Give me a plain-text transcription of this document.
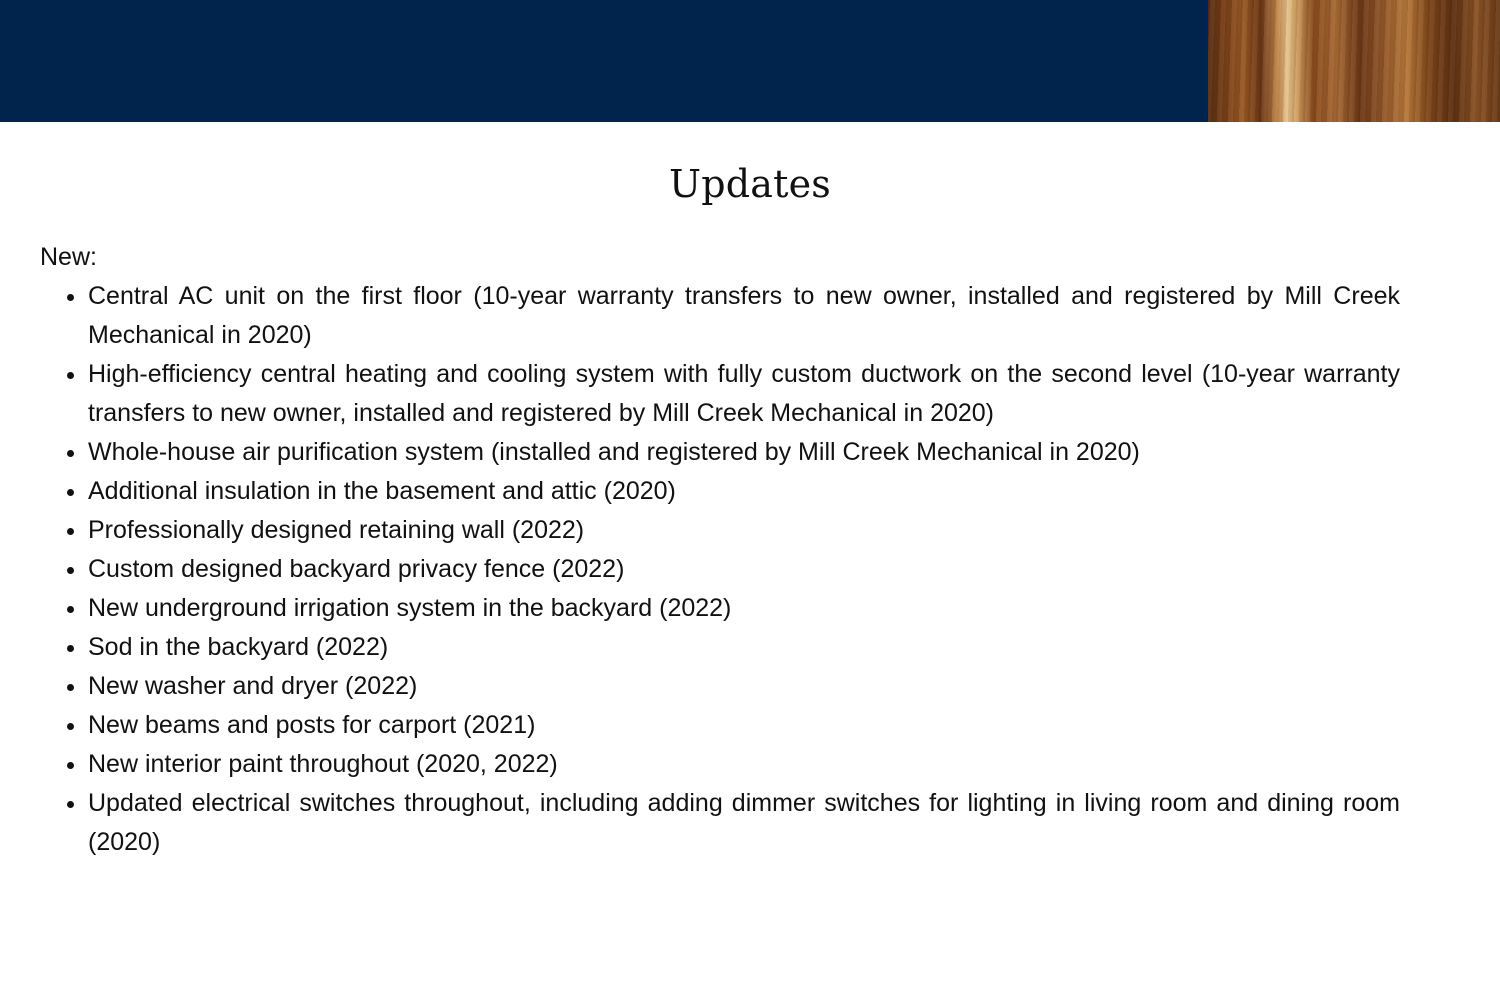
Updates

New:

• Central AC unit on the first floor (10-year warranty transfers to new owner, installed and registered by Mill Creek Mechanical in 2020)
• High-efficiency central heating and cooling system with fully custom ductwork on the second level (10-year warranty transfers to new owner, installed and registered by Mill Creek Mechanical in 2020)
• Whole-house air purification system (installed and registered by Mill Creek Mechanical in 2020)
• Additional insulation in the basement and attic (2020)
• Professionally designed retaining wall (2022)
• Custom designed backyard privacy fence (2022)
• New underground irrigation system in the backyard (2022)
• Sod in the backyard (2022)
• New washer and dryer (2022)
• New beams and posts for carport (2021)
• New interior paint throughout (2020, 2022)
• Updated electrical switches throughout, including adding dimmer switches for lighting in living room and dining room (2020)
